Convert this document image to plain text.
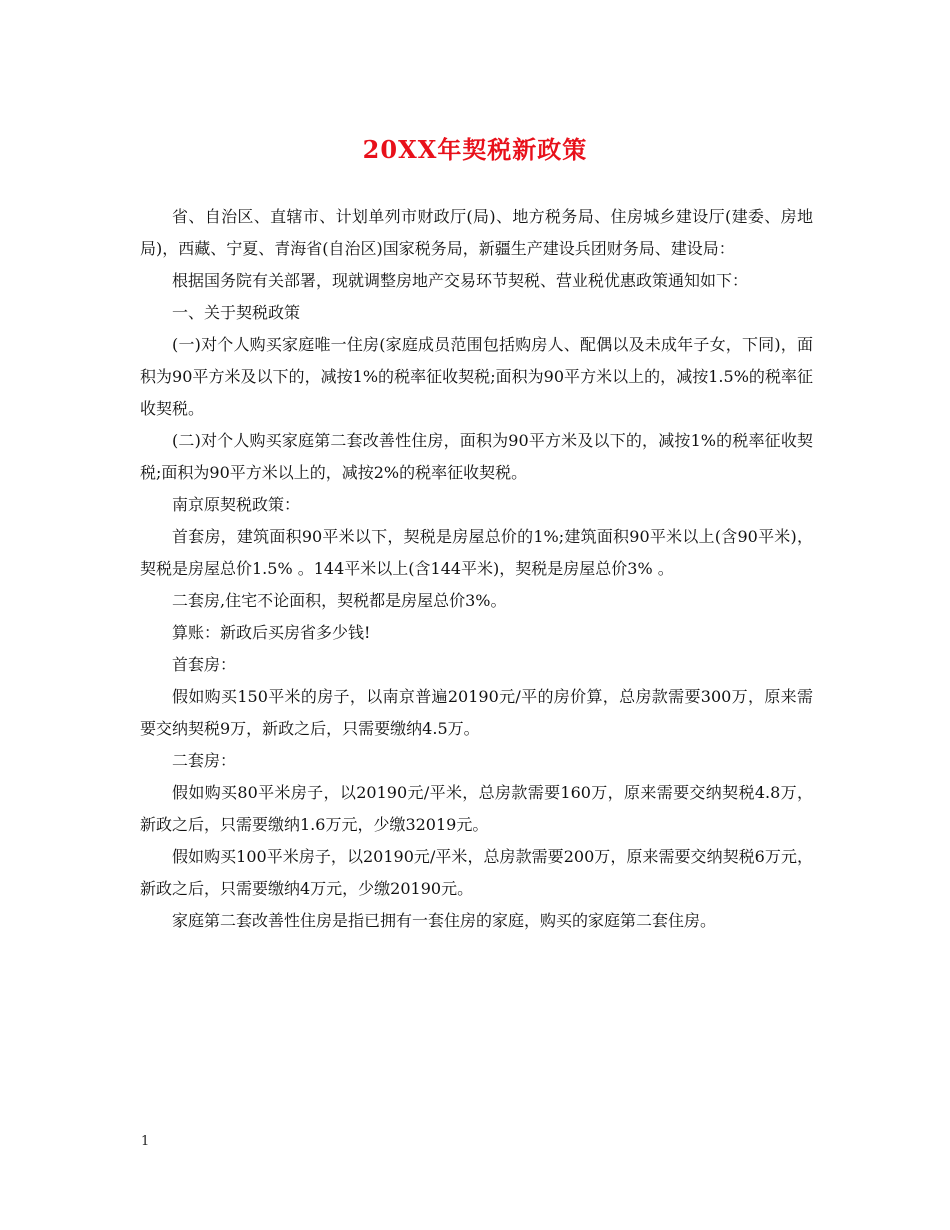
20XX年契税新政策

省、自治区、直辖市、计划单列市财政厅(局)、地方税务局、住房城乡建设厅(建委、房地局)，西藏、宁夏、青海省(自治区)国家税务局，新疆生产建设兵团财务局、建设局：

根据国务院有关部署，现就调整房地产交易环节契税、营业税优惠政策通知如下：

一、关于契税政策

(一)对个人购买家庭唯一住房(家庭成员范围包括购房人、配偶以及未成年子女，下同)，面积为90平方米及以下的，减按1%的税率征收契税;面积为90平方米以上的，减按1.5%的税率征收契税。

(二)对个人购买家庭第二套改善性住房，面积为90平方米及以下的，减按1%的税率征收契税;面积为90平方米以上的，减按2%的税率征收契税。

南京原契税政策：

首套房，建筑面积90平米以下，契税是房屋总价的1%;建筑面积90平米以上(含90平米)，契税是房屋总价1.5% 。144平米以上(含144平米)，契税是房屋总价3% 。

二套房,住宅不论面积，契税都是房屋总价3%。

算账：新政后买房省多少钱!

首套房：

假如购买150平米的房子，以南京普遍20190元/平的房价算，总房款需要300万，原来需要交纳契税9万，新政之后，只需要缴纳4.5万。

二套房：

假如购买80平米房子，以20190元/平米，总房款需要160万，原来需要交纳契税4.8万，新政之后，只需要缴纳1.6万元，少缴32019元。

假如购买100平米房子，以20190元/平米，总房款需要200万，原来需要交纳契税6万元，新政之后，只需要缴纳4万元，少缴20190元。

家庭第二套改善性住房是指已拥有一套住房的家庭，购买的家庭第二套住房。

1
